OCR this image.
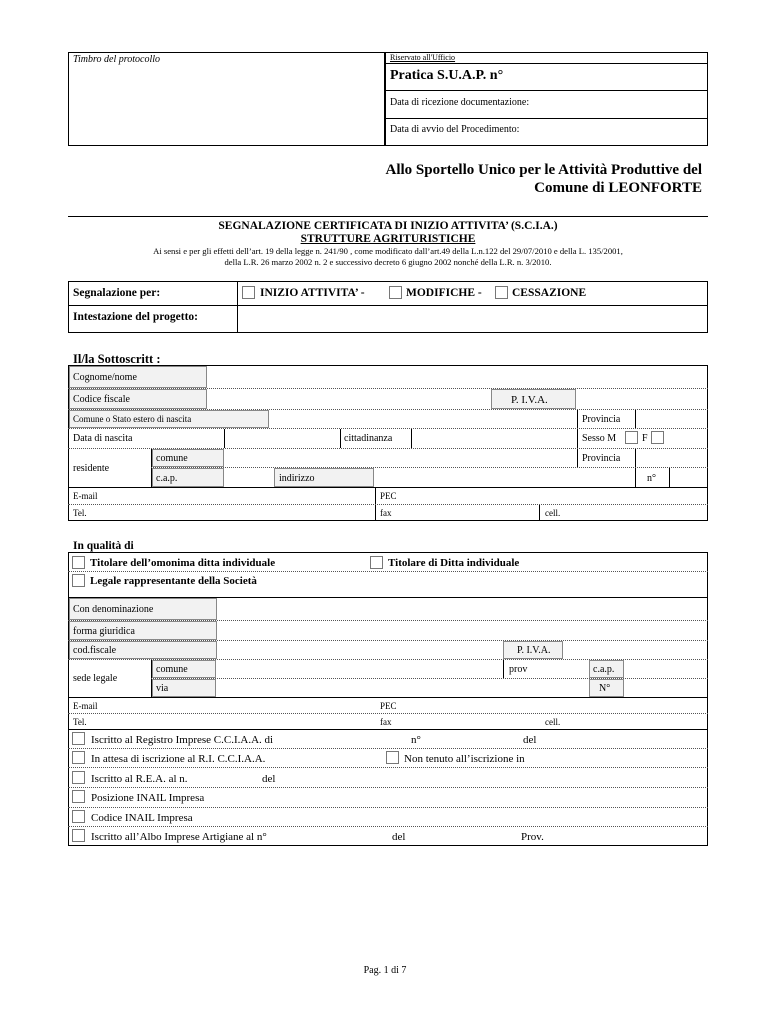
Timbro del protocollo	Riservato all'Ufficio
Pratica S.U.A.P. n°
Data di ricezione documentazione:
Data di avvio del Procedimento:
Allo Sportello Unico per le Attività Produttive del
Comune di LEONFORTE
SEGNALAZIONE CERTIFICATA DI INIZIO ATTIVITA’ (S.C.I.A.)
STRUTTURE AGRITURISTICHE
Ai sensi e per gli effetti dell’art. 19 della legge n. 241/90 , come modificato dall’art.49 della L.n.122 del 29/07/2010 e della L. 135/2001,
della L.R. 26 marzo 2002 n. 2 e successivo decreto 6 giugno 2002 nonché della L.R. n. 3/2010.
Segnalazione per:	INIZIO ATTIVITA’ -	MODIFICHE -	CESSAZIONE
Intestazione del progetto:
Il/la Sottoscritt :
Cognome/nome
Codice fiscale	P. I.V.A.
Comune o Stato estero di nascita	Provincia
Data di nascita	cittadinanza	Sesso M	F
residente
comune	Provincia
c.a.p.	indirizzo	n°
E-mail	PEC
Tel.	fax	cell.
In qualità di
Titolare dell’omonima ditta individuale	Titolare di Ditta individuale
Legale rappresentante della Società
Con denominazione
forma giuridica
cod.fiscale	P. I.V.A.
sede legale
comune	prov	c.a.p.
via	N°
E-mail	PEC
Tel.	fax	cell.
Iscritto al Registro Imprese C.C.I.A.A. di	n°	del
In attesa di iscrizione al R.I. C.C.I.A.A.	Non tenuto all’iscrizione in
Iscritto al R.E.A. al n.	del
Posizione INAIL Impresa
Codice INAIL Impresa
Iscritto all’Albo Imprese Artigiane al n°	del	Prov.
Pag. 1 di 7
